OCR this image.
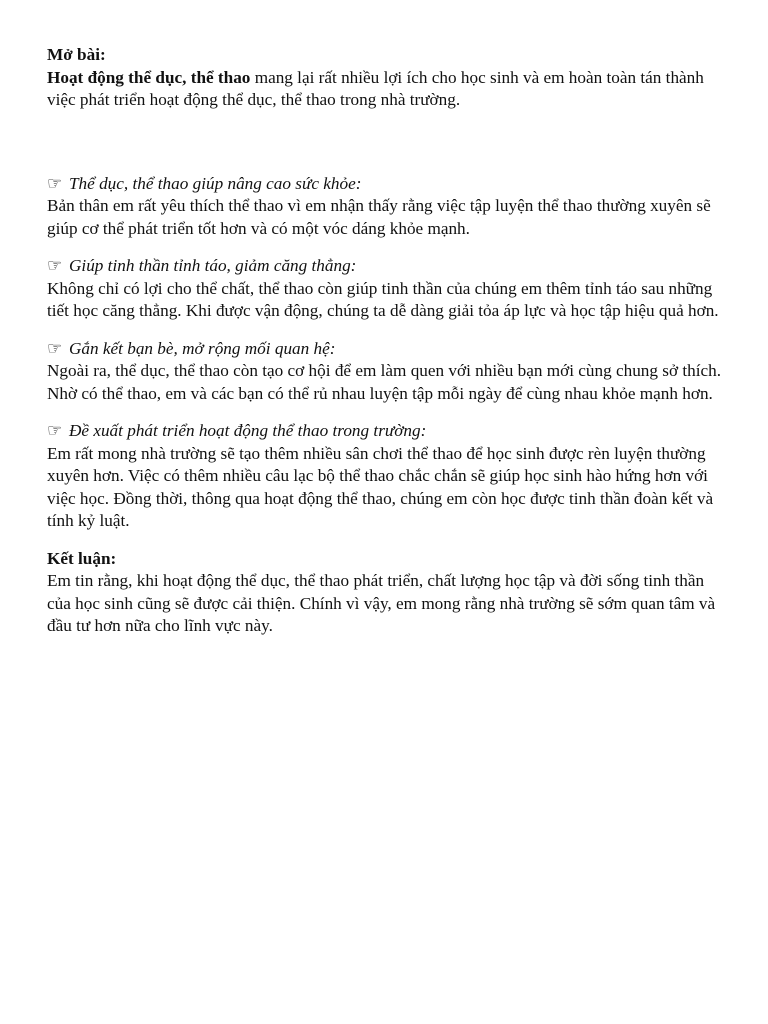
Mở bài:

Hoạt động thể dục, thể thao mang lại rất nhiều lợi ích cho học sinh và em hoàn toàn tán thành việc phát triển hoạt động thể dục, thể thao trong nhà trường.

☞ Thể dục, thể thao giúp nâng cao sức khỏe:
Bản thân em rất yêu thích thể thao vì em nhận thấy rằng việc tập luyện thể thao thường xuyên sẽ giúp cơ thể phát triển tốt hơn và có một vóc dáng khỏe mạnh.
☞ Giúp tinh thần tỉnh táo, giảm căng thẳng:
Không chỉ có lợi cho thể chất, thể thao còn giúp tinh thần của chúng em thêm tỉnh táo sau những tiết học căng thẳng. Khi được vận động, chúng ta dễ dàng giải tỏa áp lực và học tập hiệu quả hơn.
☞ Gắn kết bạn bè, mở rộng mối quan hệ:
Ngoài ra, thể dục, thể thao còn tạo cơ hội để em làm quen với nhiều bạn mới cùng chung sở thích. Nhờ có thể thao, em và các bạn có thể rủ nhau luyện tập mỗi ngày để cùng nhau khỏe mạnh hơn.
☞ Đề xuất phát triển hoạt động thể thao trong trường:
Em rất mong nhà trường sẽ tạo thêm nhiều sân chơi thể thao để học sinh được rèn luyện thường xuyên hơn. Việc có thêm nhiều câu lạc bộ thể thao chắc chắn sẽ giúp học sinh hào hứng hơn với việc học. Đồng thời, thông qua hoạt động thể thao, chúng em còn học được tinh thần đoàn kết và tính kỷ luật.
Kết luận:
Em tin rằng, khi hoạt động thể dục, thể thao phát triển, chất lượng học tập và đời sống tinh thần của học sinh cũng sẽ được cải thiện. Chính vì vậy, em mong rằng nhà trường sẽ sớm quan tâm và đầu tư hơn nữa cho lĩnh vực này.
